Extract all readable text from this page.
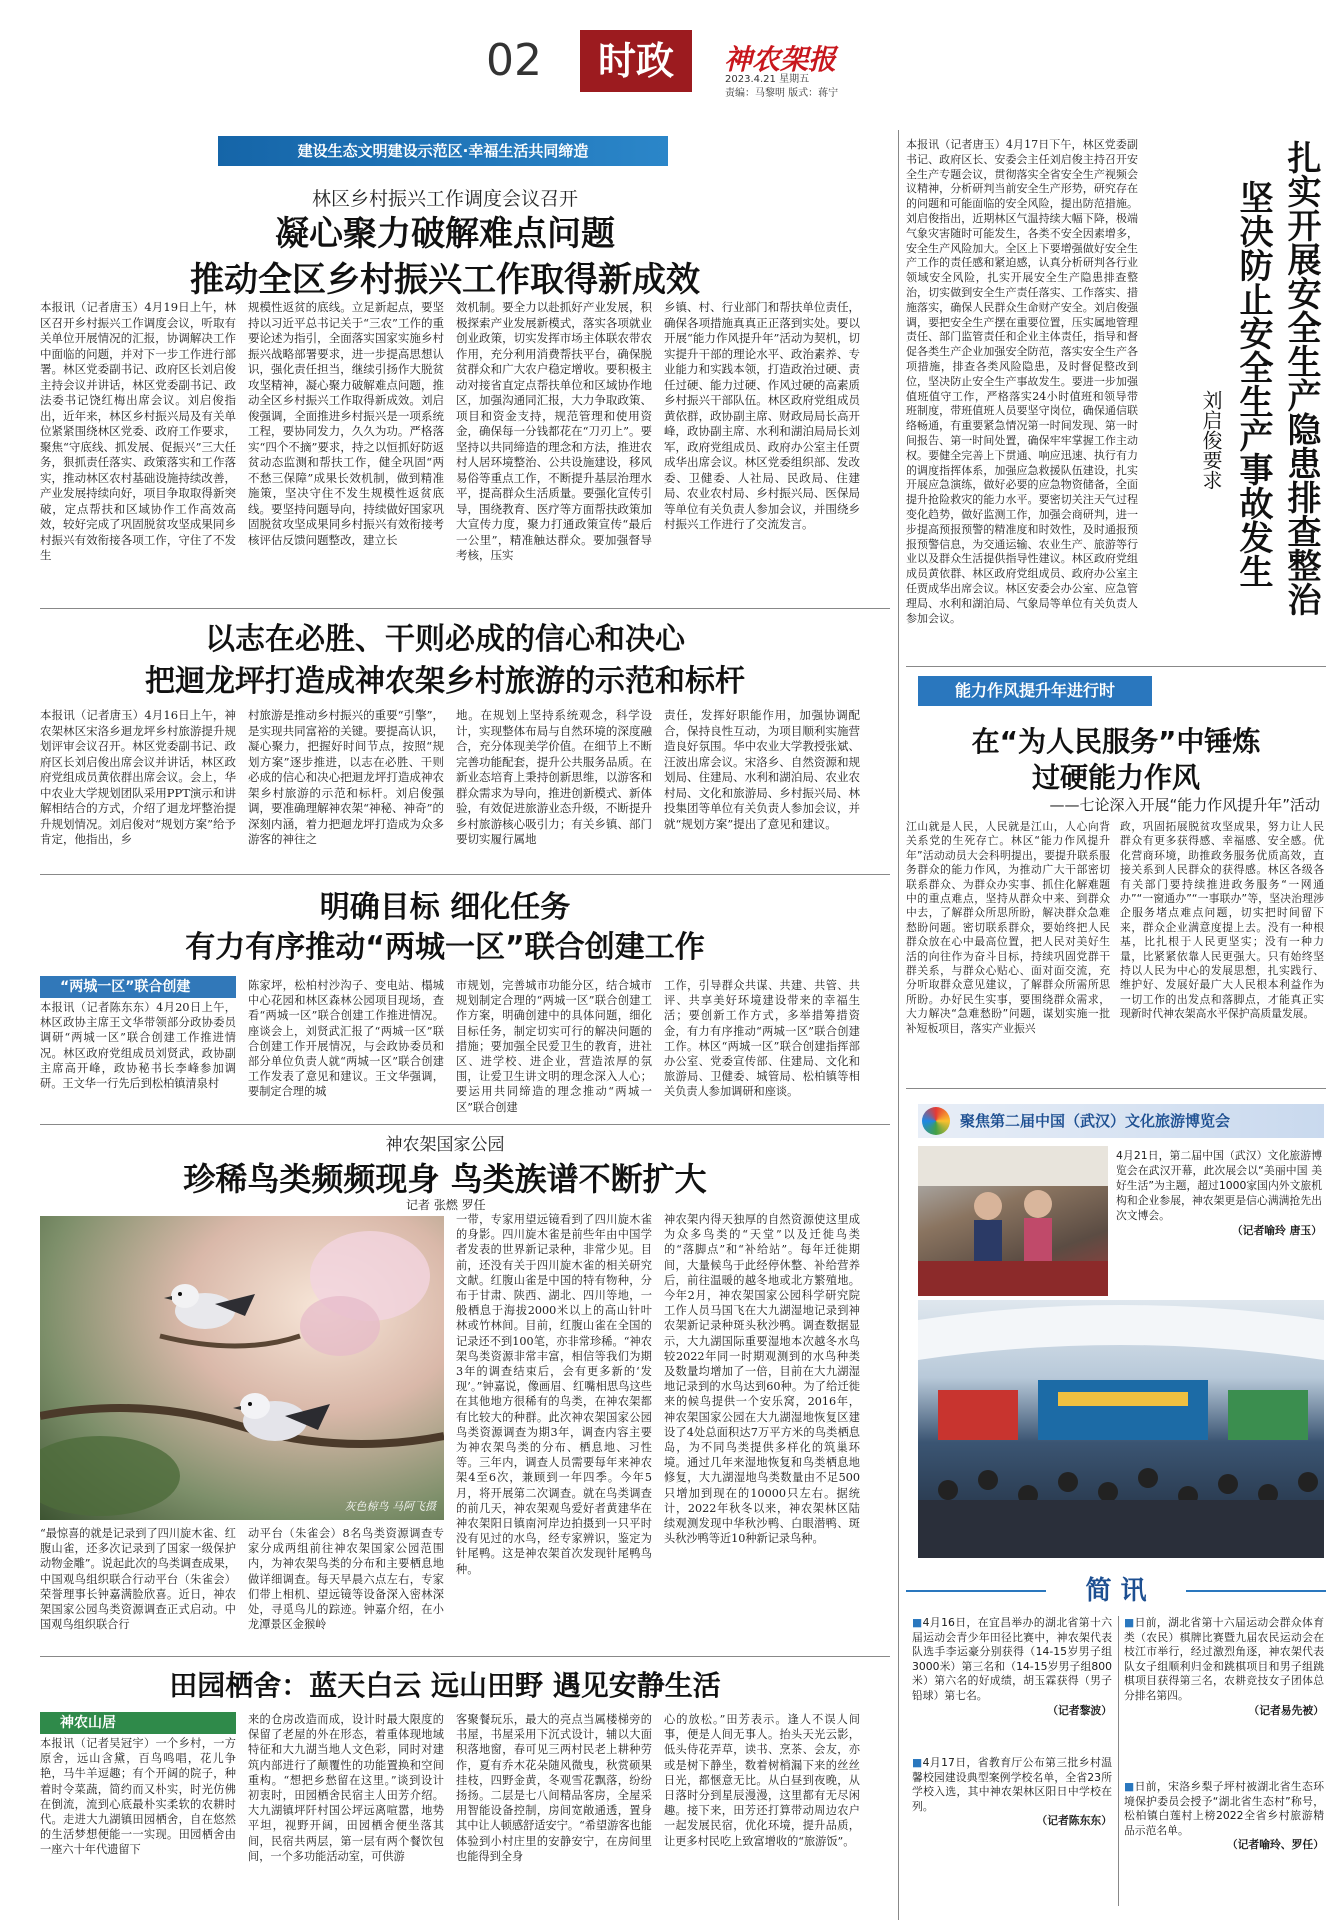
02	时政	神农架报
2023.4.21 星期五
责编：马黎明 版式：蒋宁
建设生态文明建设示范区·幸福生活共同缔造
林区乡村振兴工作调度会议召开
凝心聚力破解难点问题
推动全区乡村振兴工作取得新成效

本报讯（记者唐玉）4月19日上午，林区召开乡村振兴工作调度会议，听取有关单位开展情况的汇报，协调解决工作中面临的问题，并对下一步工作进行部署。林区党委副书记、政府区长刘启俊主持会议并讲话，林区党委副书记、政法委书记饶红梅出席会议。刘启俊指出，近年来，林区乡村振兴局及有关单位紧紧围绕林区党委、政府工作要求，聚焦“守底线、抓发展、促振兴”三大任务，狠抓责任落实、政策落实和工作落实，推动林区农村基础设施持续改善，产业发展持续向好，项目争取取得新突破，定点帮扶和区域协作工作高效高效，较好完成了巩固脱贫攻坚成果同乡村振兴有效衔接各项工作，守住了不发生

规模性返贫的底线。立足新起点，要坚持以习近平总书记关于“三农”工作的重要论述为指引，全面落实国家实施乡村振兴战略部署要求，进一步提高思想认识，强化责任担当，继续引扬作大脱贫攻坚精神，凝心聚力破解难点问题，推动全区乡村振兴工作取得新成效。刘启俊强调，全面推进乡村振兴是一项系统工程，要协同发力，久久为功。严格落实“四个不摘”要求，持之以恒抓好防返贫动态监测和帮扶工作，健全巩固“两不愁三保障”成果长效机制，做到精准施策，坚决守住不发生规模性返贫底线。要坚持问题导向，持续做好国家巩固脱贫攻坚成果同乡村振兴有效衔接考核评估反馈问题整改，建立长

效机制。要全力以赴抓好产业发展，积极探索产业发展新模式，落实各项就业创业政策，切实发挥市场主体联农带农作用，充分利用消费帮扶平台，确保脱贫群众和广大农户稳定增收。要积极主动对接省直定点帮扶单位和区域协作地区，加强沟通同汇报，大力争取政策、项目和资金支持，规范管理和使用资金，确保每一分钱都花在“刀刃上”。要坚持以共同缔造的理念和方法，推进农村人居环境整治、公共设施建设，移风易俗等重点工作，不断提升基层治理水平，提高群众生活质量。要强化宣传引导，围绕教育、医疗等方面帮扶政策加大宣传力度，聚力打通政策宣传“最后一公里”，精准触达群众。要加强督导考核，压实

乡镇、村、行业部门和帮扶单位责任，确保各项措施真真正正落到实处。要以开展“能力作风提升年”活动为契机，切实提升干部的理论水平、政治素养、专业能力和实践本领，打造政治过硬、责任过硬、能力过硬、作风过硬的高素质乡村振兴干部队伍。林区政府党组成员黄依群，政协副主席、财政局局长高开峰，政协副主席、水利和湖泊局局长刘军，政府党组成员、政府办公室主任贾成华出席会议。林区党委组织部、发改委、卫健委、人社局、民政局、住建局、农业农村局、乡村振兴局、医保局等单位有关负责人参加会议，并围绕乡村振兴工作进行了交流发言。

以志在必胜、干则必成的信心和决心
把迴龙坪打造成神农架乡村旅游的示范和标杆

本报讯（记者唐玉）4月16日上午，神农架林区宋洛乡迴龙坪乡村旅游提升规划评审会议召开。林区党委副书记、政府区长刘启俊出席会议并讲话，林区政府党组成员黄依群出席会议。会上，华中农业大学规划团队采用PPT演示和讲解相结合的方式，介绍了迴龙坪整治提升规划情况。刘启俊对“规划方案”给予肯定，他指出，乡

村旅游是推动乡村振兴的重要“引擎”，是实现共同富裕的关键。要提高认识，凝心聚力，把握好时间节点，按照“规划方案”逐步推进，以志在必胜、干则必成的信心和决心把迴龙坪打造成神农架乡村旅游的示范和标杆。刘启俊强调，要准确理解神农架“神秘、神奇”的深刻内涵，着力把迴龙坪打造成为众多游客的神往之

地。在规划上坚持系统观念，科学设计，实现整体布局与自然环境的深度融合，充分体现美学价值。在细节上不断完善功能配套，提升公共服务品质。在新业态培育上秉持创新思维，以游客和群众需求为导向，推进创新模式、新体验，有效促进旅游业态升级，不断提升乡村旅游核心吸引力；有关乡镇、部门要切实履行属地

责任，发挥好职能作用，加强协调配合，保持良性互动，为项目顺利实施营造良好氛围。华中农业大学教授张斌、汪波出席会议。宋洛乡、自然资源和规划局、住建局、水利和湖泊局、农业农村局、文化和旅游局、乡村振兴局、林投集团等单位有关负责人参加会议，并就“规划方案”提出了意见和建议。

明确目标 细化任务
有力有序推动“两城一区”联合创建工作
“两城一区”联合创建

本报讯（记者陈东东）4月20日上午，林区政协主席王文华带领部分政协委员调研“两城一区”联合创建工作推进情况。林区政府党组成员刘贤武，政协副主席高开峰，政协秘书长李峰参加调研。王文华一行先后到松柏镇清泉村

陈家坪，松柏村沙沟子、变电站、榻城中心花园和林区森林公园项目现场，查看“两城一区”联合创建工作推进情况。座谈会上，刘贤武汇报了“两城一区”联合创建工作开展情况，与会政协委员和部分单位负责人就“两城一区”联合创建工作发表了意见和建议。王文华强调，要制定合理的城

市规划，完善城市功能分区，结合城市规划制定合理的“两城一区”联合创建工作方案，明确创建中的具体问题，细化目标任务，制定切实可行的解决问题的措施；要加强全民爱卫生的教育，进社区、进学校、进企业，营造浓厚的氛围，让爱卫生讲文明的理念深入人心；要运用共同缔造的理念推动“两城一区”联合创建

工作，引导群众共谋、共建、共管、共评、共享美好环境建设带来的幸福生活；要创新工作方式，多举措筹措资金，有力有序推动“两城一区”联合创建工作。林区“两城一区”联合创建指挥部办公室、党委宣传部、住建局、文化和旅游局、卫健委、城管局、松柏镇等相关负责人参加调研和座谈。

神农架国家公园
珍稀鸟类频频现身 鸟类族谱不断扩大
记者 张燃 罗任
灰色椋鸟 马阿飞摄

“最惊喜的就是记录到了四川旋木雀、红腹山雀，还多次记录到了国家一级保护动物金雕”。说起此次的鸟类调查成果，中国观鸟组织联合行动平台（朱雀会）荣誉理事长钟嘉满脸欣喜。近日，神农架国家公园鸟类资源调查正式启动。中国观鸟组织联合行

动平台（朱雀会）8名鸟类资源调查专家分成两组前往神农架国家公园范围内，为神农架鸟类的分布和主要栖息地做详细调查。每天早晨六点左右，专家们带上相机、望远镜等设备深入密林深处，寻觅鸟儿的踪迹。钟嘉介绍，在小龙潭景区金猴岭

一带，专家用望远镜看到了四川旋木雀的身影。四川旋木雀是前些年由中国学者发表的世界新记录种，非常少见。目前，还没有关于四川旋木雀的相关研究文献。红腹山雀是中国的特有物种，分布于甘肃、陕西、湖北、四川等地，一般栖息于海拔2000米以上的高山针叶林或竹林间。目前，红腹山雀在全国的记录还不到100笔，亦非常珍稀。“神农架鸟类资源非常丰富，相信等我们为期3年的调查结束后，会有更多新的‘发现’。”钟嘉说，像画眉、红嘴相思鸟这些在其他地方很稀有的鸟类，在神农架都有比较大的种群。此次神农架国家公园鸟类资源调查为期3年，调查内容主要为神农架鸟类的分布、栖息地、习性等。三年内，调查人员需要每年来神农架4至6次，兼顾到一年四季。今年5月，将开展第二次调查。就在鸟类调查的前几天，神农架观鸟爱好者黄建华在神农架阳日镇南河岸边拍摄到一只平时没有见过的水鸟，经专家辨识，鉴定为针尾鸭。这是神农架首次发现针尾鸭鸟种。

神农架内得天独厚的自然资源使这里成为众多鸟类的“天堂”以及迁徙鸟类的“落脚点”和“补给站”。每年迁徙期间，大量候鸟于此经停休整、补给营养后，前往温暖的越冬地或北方繁殖地。今年2月，神农架国家公园科学研究院工作人员马国飞在大九湖湿地记录到神农架新记录种斑头秋沙鸭。调查数据显示，大九湖国际重要湿地本次越冬水鸟较2022年同一时期观测到的水鸟种类及数量均增加了一倍，目前在大九湖湿地记录到的水鸟达到60种。为了给迁徙来的候鸟提供一个安乐窝，2016年，神农架国家公园在大九湖湿地恢复区建设了4处总面积达7万平方米的鸟类栖息岛，为不同鸟类提供多样化的筑巢环境。通过几年来湿地恢复和鸟类栖息地修复，大九湖湿地鸟类数量由不足500只增加到现在的10000只左右。据统计，2022年秋冬以来，神农架林区陆续观测发现中华秋沙鸭、白眼潜鸭、斑头秋沙鸭等近10种新记录鸟种。

田园栖舍：蓝天白云 远山田野 遇见安静生活
神农山居

本报讯（记者吴冠宇）一个乡村，一方原舍，远山含黛，百鸟鸣唱，花儿争艳，马牛羊逗趣；有个开阔的院子，种着时令菜蔬，简约而又朴实，时光仿佛在倒流，流到心底最朴实柔软的农耕时代。走进大九湖镇田园栖舍，自在悠然的生活梦想便能一一实现。田园栖舍由一座六十年代遗留下

来的仓房改造而成，设计时最大限度的保留了老屋的外在形态，着重体现地域特征和大九湖当地人文色彩，同时对建筑内部进行了颠覆性的功能置换和空间重构。“想把乡愁留在这里。”谈到设计初衷时，田园栖舍民宿主人田芳介绍。大九湖镇坪阡村国公坪远离喧嚣，地势平坦，视野开阔，田园栖舍便坐落其间，民宿共两层，第一层有两个餐饮包间，一个多功能活动室，可供游

客聚餐玩乐，最大的亮点当属楼梯旁的书屋，书屋采用下沉式设计，辅以大面积落地窗，春可见三两村民老上耕种劳作，夏有乔木花朵随风微曳，秋赏硕果挂枝，四野金黄，冬观雪花飘落，纷纷扬扬。二层是七八间精品客房，全屋采用智能设备控制，房间宽敞通透，置身其中让人顿感舒适安宁。“希望游客也能体验到小村庄里的安静安宁，在房间里也能得到全身

心的放松。”田芳表示。逢人不误人间事，便是人间无事人。抬头天光云影，低头侍花弄草，读书、烹茶、会友，亦或是树下静坐，数着树梢漏下来的丝丝日光，都惬意无比。从白昼到夜晚，从日落时分到星辰漫漫，这里都有无尽闲趣。接下来，田芳还打算带动周边农户一起发展民宿，优化环境，提升品质，让更多村民吃上致富增收的“旅游饭”。

本报讯（记者唐玉）4月17日下午，林区党委副书记、政府区长、安委会主任刘启俊主持召开安全生产专题会议，贯彻落实全省安全生产视频会议精神，分析研判当前安全生产形势，研究存在的问题和可能面临的安全风险，提出防范措施。刘启俊指出，近期林区气温持续大幅下降，极端气象灾害随时可能发生，各类不安全因素增多，安全生产风险加大。全区上下要增强做好安全生产工作的责任感和紧迫感，认真分析研判各行业领域安全风险，扎实开展安全生产隐患排查整治，切实做到安全生产责任落实、工作落实、措施落实，确保人民群众生命财产安全。刘启俊强调，要把安全生产摆在重要位置，压实属地管理责任、部门监管责任和企业主体责任，指导和督促各类生产企业加强安全防范，落实安全生产各项措施，排查各类风险隐患，及时督促整改到位，坚决防止安全生产事故发生。要进一步加强值班值守工作，严格落实24小时值班和领导带班制度，带班值班人员要坚守岗位，确保通信联络畅通，有重要紧急情况第一时间发现、第一时间报告、第一时间处置，确保牢牢掌握工作主动权。要健全完善上下贯通、响应迅速、执行有力的调度指挥体系，加强应急救援队伍建设，扎实开展应急演练，做好必要的应急物资储备，全面提升抢险救灾的能力水平。要密切关注天气过程变化趋势，做好监测工作，加强会商研判，进一步提高预报预警的精准度和时效性，及时通报预报预警信息，为交通运输、农业生产、旅游等行业以及群众生活提供指导性建议。林区政府党组成员黄依群、林区政府党组成员、政府办公室主任贾成华出席会议。林区安委会办公室、应急管理局、水利和湖泊局、气象局等单位有关负责人参加会议。

扎实开展安全生产隐患排查整治
坚决防止安全生产事故发生
刘启俊要求
能力作风提升年进行时
在“为人民服务”中锤炼
过硬能力作风
——七论深入开展“能力作风提升年”活动

江山就是人民，人民就是江山，人心向背关系党的生死存亡。林区“能力作风提升年”活动动员大会科明提出，要提升联系服务群众的能力作风，为推动广大干部密切联系群众、为群众办实事、抓住化解难题中的重点难点，坚持从群众中来、到群众中去，了解群众所思所盼，解决群众急难愁盼问题。密切联系群众，要始终把人民群众放在心中最高位置，把人民对美好生活的向往作为奋斗目标，持续巩固党群干群关系，与群众心贴心、面对面交流，充分听取群众意见建议，了解群众所需所思所盼。办好民生实事，要围绕群众需求，大力解决“急难愁盼”问题，谋划实施一批补短板项目，落实产业振兴

政，巩固拓展脱贫攻坚成果，努力让人民群众有更多获得感、幸福感、安全感。优化营商环境，助推政务服务优质高效，直接关系到人民群众的获得感。林区各级各有关部门要持续推进政务服务“一网通办”“一窗通办”“一事联办”等，坚决治理涉企服务堵点难点问题，切实把时间留下来，群众企业满意度提上去。没有一种根基，比扎根于人民更坚实；没有一种力量，比紧紧依靠人民更强大。只有始终坚持以人民为中心的发展思想，扎实践行、维护好、发展好最广大人民根本利益作为一切工作的出发点和落脚点，才能真正实现新时代神农架高水平保护高质量发展。

聚焦第二届中国（武汉）文化旅游博览会
4月21日，第二届中国（武汉）文化旅游博览会在武汉开幕，此次展会以“美丽中国 美好生活”为主题，超过1000家国内外文旅机构和企业参展，神农架更是信心满满抢先出次文博会。

（记者喻玲 唐玉）
简 讯
■4月16日，在宜昌举办的湖北省第十六届运动会青少年田径比赛中，神农架代表队选手李运豪分别获得（14-15岁男子组3000米）第三名和（14-15岁男子组800米）第六名的好成绩，胡玉霖获得（男子铅球）第七名。
（记者黎波）
■4月17日，省教育厅公布第三批乡村温馨校园建设典型案例学校名单，全省23所学校入选，其中神农架林区阳日中学校在列。
（记者陈东东）
■日前，湖北省第十六届运动会群众体育类（农民）棋牌比赛暨九届农民运动会在枝江市举行，经过激烈角逐，神农架代表队女子组顺利归金和跳棋项目和男子组跳棋项目获得第三名，农耕竞技女子团体总分排名第四。
（记者易先被）
■日前，宋洛乡梨子坪村被湖北省生态环境保护委员会授予“湖北省生态村”称号，松柏镇白莲村上榜2022全省乡村旅游精品示范名单。
（记者喻玲、罗任）
